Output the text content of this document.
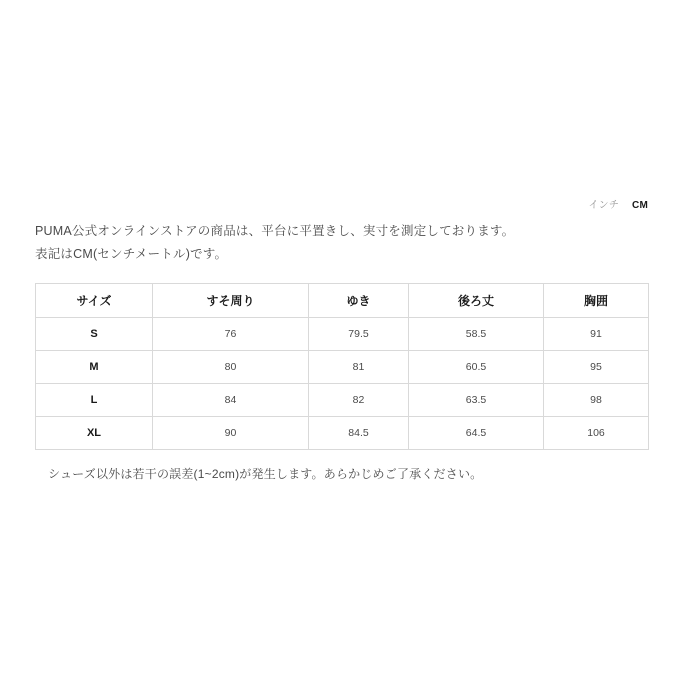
インチ CM
PUMA公式オンラインストアの商品は、平台に平置きし、実寸を測定しております。
表記はCM(センチメートル)です。
サイズ	すそ周り	ゆき	後ろ丈	胸囲
S	76	79.5	58.5	91
M	80	81	60.5	95
L	84	82	63.5	98
XL	90	84.5	64.5	106
シューズ以外は若干の誤差(1~2cm)が発生します。あらかじめご了承ください。
